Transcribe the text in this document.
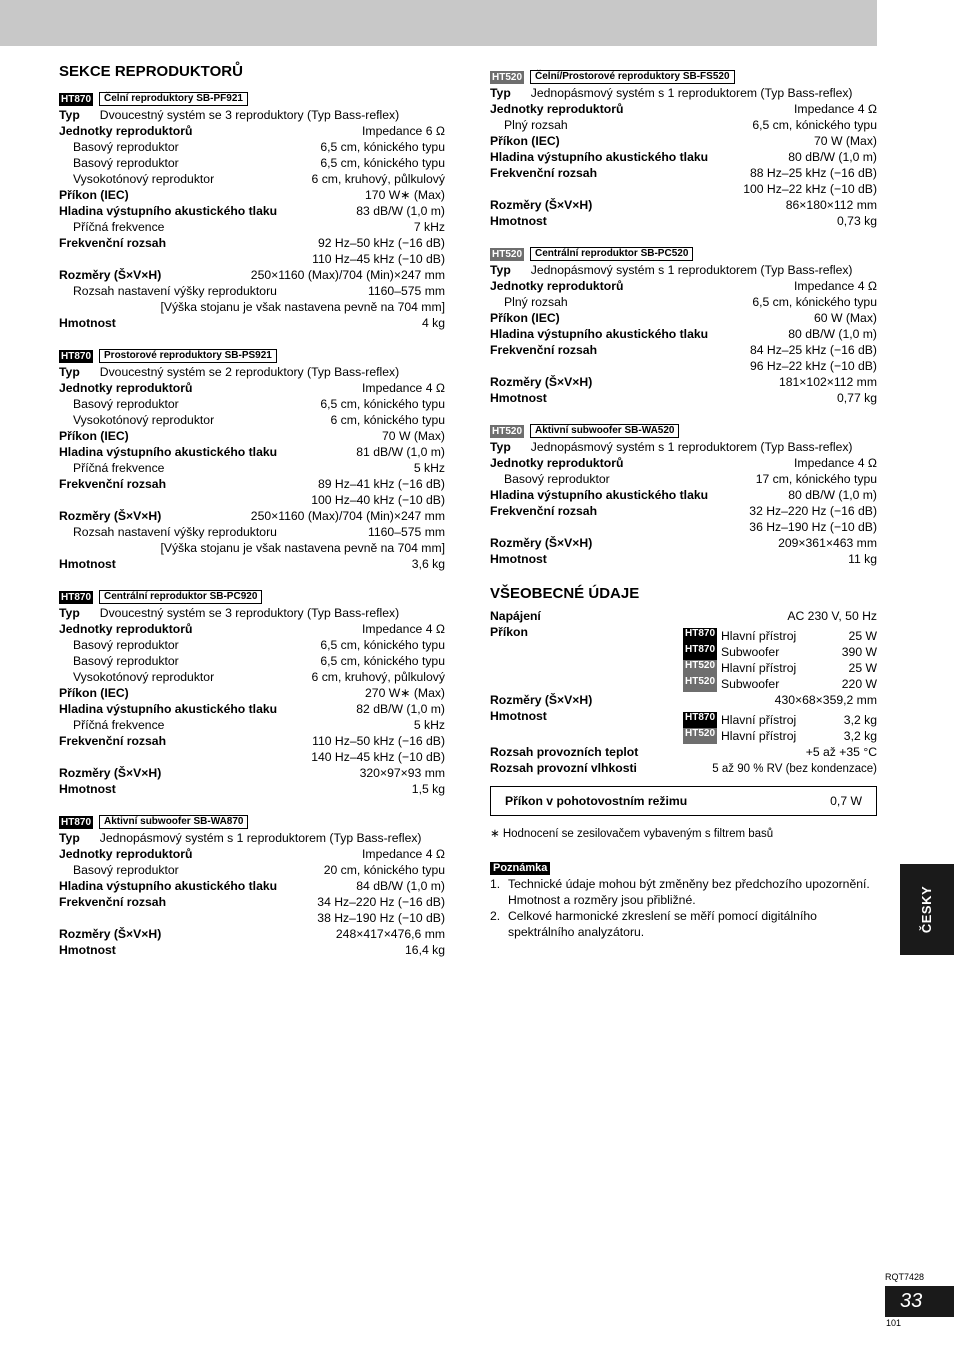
SEKCE REPRODUKTORŮ
HT870	Čelní reproduktory SB-PF921
Typ	Dvoucestný systém se 3 reproduktory (Typ Bass-reflex)
Jednotky reproduktorů	Impedance 6 Ω
Basový reproduktor	6,5 cm, kónického typu
Basový reproduktor	6,5 cm, kónického typu
Vysokotónový reproduktor	6 cm, kruhový, půlkulový
Příkon (IEC)	170 W∗ (Max)
Hladina výstupního akustického tlaku	83 dB/W (1,0 m)
Příčná frekvence	7 kHz
Frekvenční rozsah	92 Hz–50 kHz (−16 dB)
110 Hz–45 kHz (−10 dB)
Rozměry (Š×V×H)	250×1160 (Max)/704 (Min)×247 mm
Rozsah nastavení výšky reproduktoru	1160–575 mm
[Výška stojanu je však nastavena pevně na 704 mm]
Hmotnost	4 kg
HT870	Prostorové reproduktory SB-PS921
Typ	Dvoucestný systém se 2 reproduktory (Typ Bass-reflex)
Jednotky reproduktorů	Impedance 4 Ω
Basový reproduktor	6,5 cm, kónického typu
Vysokotónový reproduktor	6 cm, kónického typu
Příkon (IEC)	70 W (Max)
Hladina výstupního akustického tlaku	81 dB/W (1,0 m)
Příčná frekvence	5 kHz
Frekvenční rozsah	89 Hz–41 kHz (−16 dB)
100 Hz–40 kHz (−10 dB)
Rozměry (Š×V×H)	250×1160 (Max)/704 (Min)×247 mm
Rozsah nastavení výšky reproduktoru	1160–575 mm
[Výška stojanu je však nastavena pevně na 704 mm]
Hmotnost	3,6 kg
HT870	Centrální reproduktor SB-PC920
Typ	Dvoucestný systém se 3 reproduktory (Typ Bass-reflex)
Jednotky reproduktorů	Impedance 4 Ω
Basový reproduktor	6,5 cm, kónického typu
Basový reproduktor	6,5 cm, kónického typu
Vysokotónový reproduktor	6 cm, kruhový, půlkulový
Příkon (IEC)	270 W∗ (Max)
Hladina výstupního akustického tlaku	82 dB/W (1,0 m)
Příčná frekvence	5 kHz
Frekvenční rozsah	110 Hz–50 kHz (−16 dB)
140 Hz–45 kHz (−10 dB)
Rozměry (Š×V×H)	320×97×93 mm
Hmotnost	1,5 kg
HT870	Aktivní subwoofer SB-WA870
Typ	Jednopásmový systém s 1 reproduktorem (Typ Bass-reflex)
Jednotky reproduktorů	Impedance 4 Ω
Basový reproduktor	20 cm, kónického typu
Hladina výstupního akustického tlaku	84 dB/W (1,0 m)
Frekvenční rozsah	34 Hz–220 Hz (−16 dB)
38 Hz–190 Hz (−10 dB)
Rozměry (Š×V×H)	248×417×476,6 mm
Hmotnost	16,4 kg
HT520	Čelní/Prostorové reproduktory SB-FS520
Typ	Jednopásmový systém s 1 reproduktorem (Typ Bass-reflex)
Jednotky reproduktorů	Impedance 4 Ω
Plný rozsah	6,5 cm, kónického typu
Příkon (IEC)	70 W (Max)
Hladina výstupního akustického tlaku	80 dB/W (1,0 m)
Frekvenční rozsah	88 Hz–25 kHz (−16 dB)
100 Hz–22 kHz (−10 dB)
Rozměry (Š×V×H)	86×180×112 mm
Hmotnost	0,73 kg
HT520	Centrální reproduktor SB-PC520
Typ	Jednopásmový systém s 1 reproduktorem (Typ Bass-reflex)
Jednotky reproduktorů	Impedance 4 Ω
Plný rozsah	6,5 cm, kónického typu
Příkon (IEC)	60 W (Max)
Hladina výstupního akustického tlaku	80 dB/W (1,0 m)
Frekvenční rozsah	84 Hz–25 kHz (−16 dB)
96 Hz–22 kHz (−10 dB)
Rozměry (Š×V×H)	181×102×112 mm
Hmotnost	0,77 kg
HT520	Aktivní subwoofer SB-WA520
Typ	Jednopásmový systém s 1 reproduktorem (Typ Bass-reflex)
Jednotky reproduktorů	Impedance 4 Ω
Basový reproduktor	17 cm, kónického typu
Hladina výstupního akustického tlaku	80 dB/W (1,0 m)
Frekvenční rozsah	32 Hz–220 Hz (−16 dB)
36 Hz–190 Hz (−10 dB)
Rozměry (Š×V×H)	209×361×463 mm
Hmotnost	11 kg
VŠEOBECNÉ ÚDAJE
Napájení	AC 230 V, 50 Hz
Příkon	HT870 Hlavní přístroj	25 W
HT870 Subwoofer	390 W
HT520 Hlavní přístroj	25 W
HT520 Subwoofer	220 W
Rozměry (Š×V×H)	430×68×359,2 mm
Hmotnost	HT870 Hlavní přístroj	3,2 kg
HT520 Hlavní přístroj	3,2 kg
Rozsah provozních teplot	+5 až +35 °C
Rozsah provozní vlhkosti	5 až 90 % RV (bez kondenzace)
Příkon v pohotovostním režimu	0,7 W
∗ Hodnocení se zesilovačem vybaveným s filtrem basů
Poznámka
1. Technické údaje mohou být změněny bez předchozího upozornění.
Hmotnost a rozměry jsou přibližné.
2. Celkové harmonické zkreslení se měří pomocí digitálního spektrálního analyzátoru.	ČESKY
RQT7428
33
101
